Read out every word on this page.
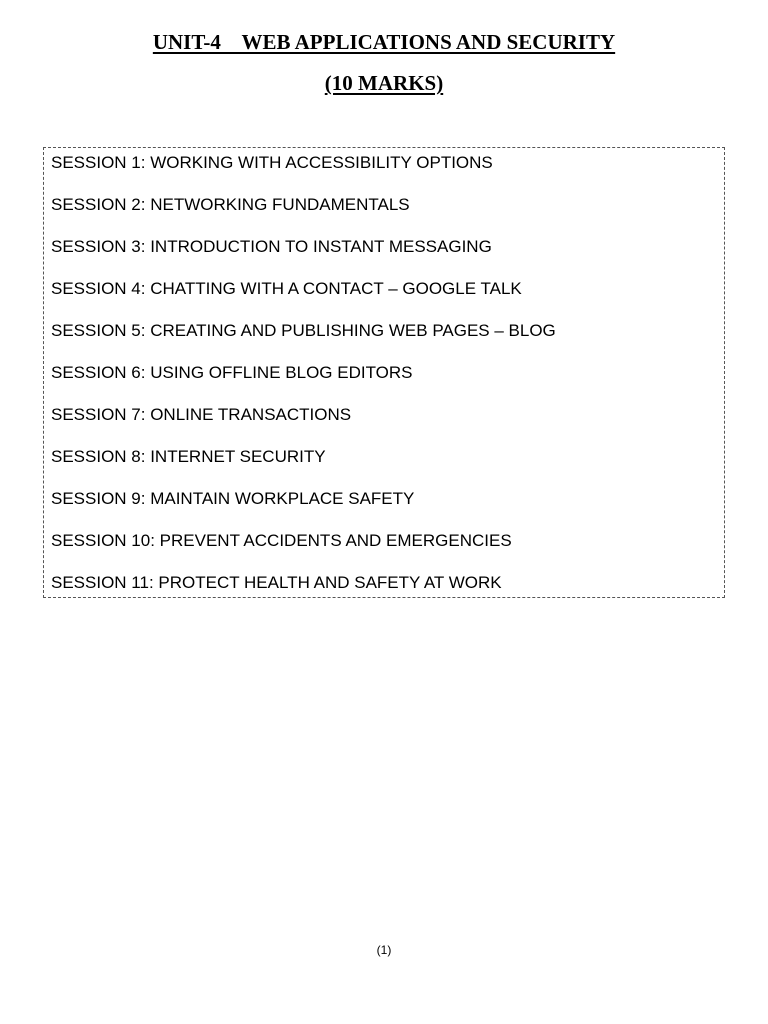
UNIT-4    WEB APPLICATIONS AND SECURITY
(10 MARKS)
SESSION 1: WORKING WITH ACCESSIBILITY OPTIONS
SESSION 2: NETWORKING FUNDAMENTALS
SESSION 3: INTRODUCTION TO INSTANT MESSAGING
SESSION 4: CHATTING WITH A CONTACT – GOOGLE TALK
SESSION 5: CREATING AND PUBLISHING WEB PAGES – BLOG
SESSION 6: USING OFFLINE BLOG EDITORS
SESSION 7: ONLINE TRANSACTIONS
SESSION 8: INTERNET SECURITY
SESSION 9: MAINTAIN WORKPLACE SAFETY
SESSION 10: PREVENT ACCIDENTS AND EMERGENCIES
SESSION 11: PROTECT HEALTH AND SAFETY AT WORK
(1)
